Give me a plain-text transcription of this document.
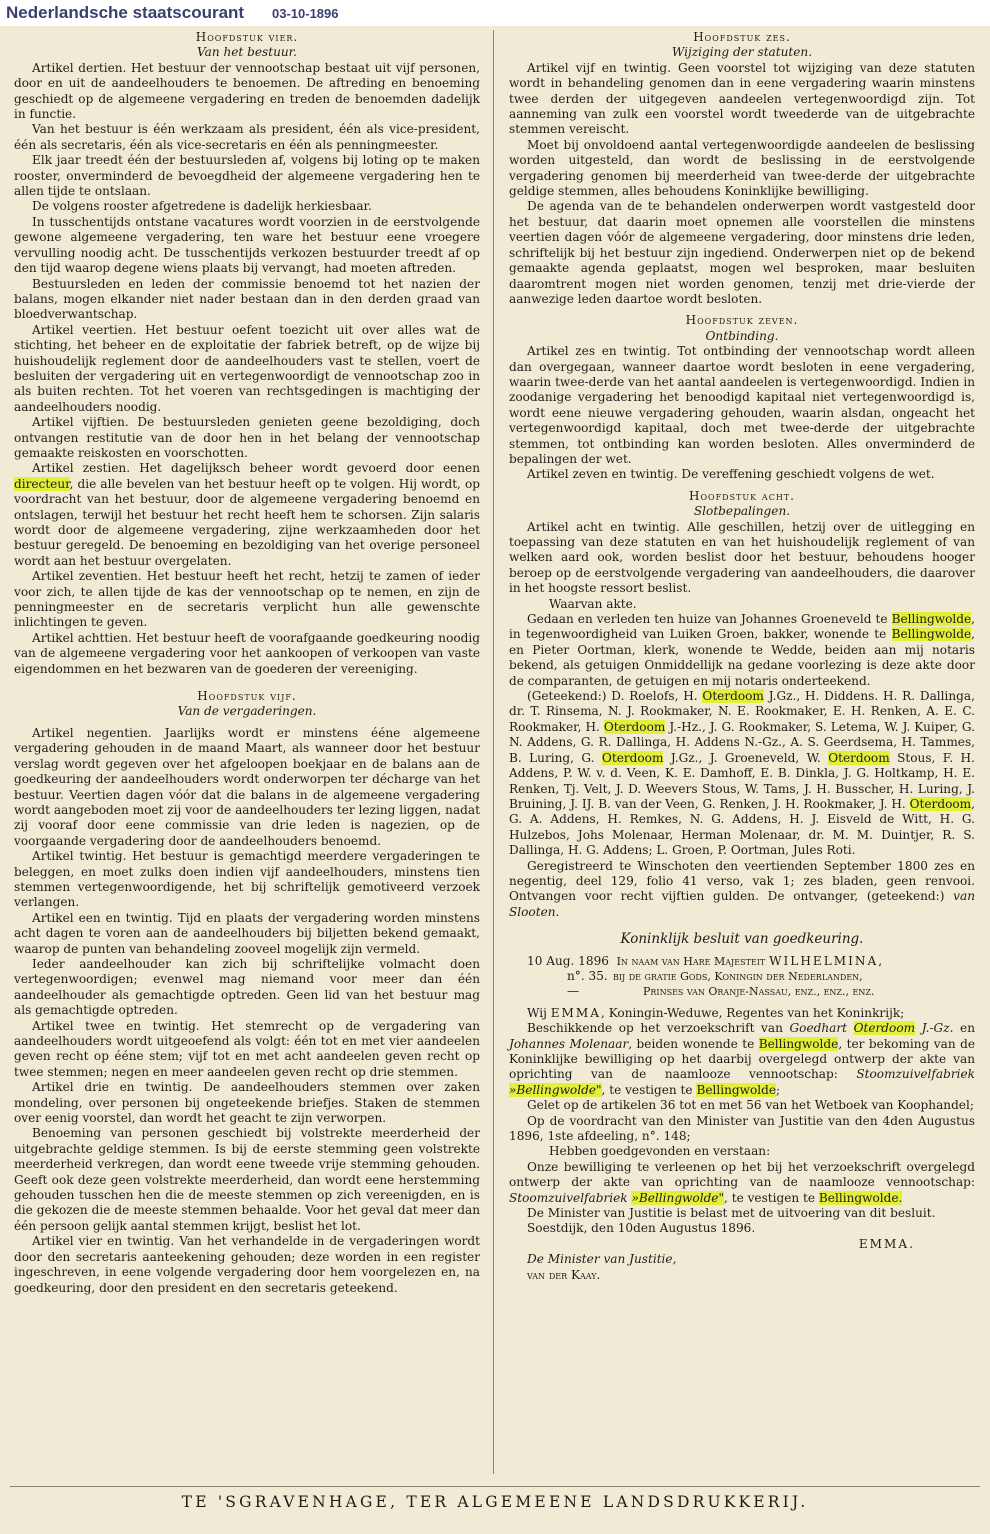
Nederlandsche staatscourant 03-10-1896

Hoofdstuk vier.

Van het bestuur.

Artikel dertien. Het bestuur der vennootschap bestaat uit vijf personen, door en uit de aandeelhouders te benoemen. De aftreding en benoeming geschiedt op de algemeene vergadering en treden de benoemden dadelijk in functie.

Van het bestuur is één werkzaam als president, één als vice-president, één als secretaris, één als vice-secretaris en één als penningmeester.

Elk jaar treedt één der bestuursleden af, volgens bij loting op te maken rooster, onverminderd de bevoegdheid der algemeene vergadering hen te allen tijde te ontslaan.

De volgens rooster afgetredene is dadelijk herkiesbaar.

In tusschentijds ontstane vacatures wordt voorzien in de eerstvolgende gewone algemeene vergadering, ten ware het bestuur eene vroegere vervulling noodig acht. De tusschentijds verkozen bestuurder treedt af op den tijd waarop degene wiens plaats bij vervangt, had moeten aftreden.

Bestuursleden en leden der commissie benoemd tot het nazien der balans, mogen elkander niet nader bestaan dan in den derden graad van bloedverwantschap.

Artikel veertien. Het bestuur oefent toezicht uit over alles wat de stichting, het beheer en de exploitatie der fabriek betreft, op de wijze bij huishoudelijk reglement door de aandeelhouders vast te stellen, voert de besluiten der vergadering uit en vertegenwoordigt de vennootschap zoo in als buiten rechten. Tot het voeren van rechtsgedingen is machtiging der aandeelhouders noodig.

Artikel vijftien. De bestuursleden genieten geene bezoldiging, doch ontvangen restitutie van de door hen in het belang der vennootschap gemaakte reiskosten en voorschotten.

Artikel zestien. Het dagelijksch beheer wordt gevoerd door eenen directeur, die alle bevelen van het bestuur heeft op te volgen. Hij wordt, op voordracht van het bestuur, door de algemeene vergadering benoemd en ontslagen, terwijl het bestuur het recht heeft hem te schorsen. Zijn salaris wordt door de algemeene vergadering, zijne werkzaamheden door het bestuur geregeld. De benoeming en bezoldiging van het overige personeel wordt aan het bestuur overgelaten.

Artikel zeventien. Het bestuur heeft het recht, hetzij te zamen of ieder voor zich, te allen tijde de kas der vennootschap op te nemen, en zijn de penningmeester en de secretaris verplicht hun alle gewenschte inlichtingen te geven.

Artikel achttien. Het bestuur heeft de voorafgaande goedkeuring noodig van de algemeene vergadering voor het aankoopen of verkoopen van vaste eigendommen en het bezwaren van de goederen der vereeniging.

Hoofdstuk vijf.

Van de vergaderingen.

Artikel negentien. Jaarlijks wordt er minstens ééne algemeene vergadering gehouden in de maand Maart, als wanneer door het bestuur verslag wordt gegeven over het afgeloopen boekjaar en de balans aan de goedkeuring der aandeelhouders wordt onderworpen ter décharge van het bestuur. Veertien dagen vóór dat die balans in de algemeene vergadering wordt aangeboden moet zij voor de aandeelhouders ter lezing liggen, nadat zij vooraf door eene commissie van drie leden is nagezien, op de voorgaande vergadering door de aandeelhouders benoemd.

Artikel twintig. Het bestuur is gemachtigd meerdere vergaderingen te beleggen, en moet zulks doen indien vijf aandeelhouders, minstens tien stemmen vertegenwoordigende, het bij schriftelijk gemotiveerd verzoek verlangen.

Artikel een en twintig. Tijd en plaats der vergadering worden minstens acht dagen te voren aan de aandeelhouders bij biljetten bekend gemaakt, waarop de punten van behandeling zooveel mogelijk zijn vermeld.

Ieder aandeelhouder kan zich bij schriftelijke volmacht doen vertegenwoordigen; evenwel mag niemand voor meer dan één aandeelhouder als gemachtigde optreden. Geen lid van het bestuur mag als gemachtigde optreden.

Artikel twee en twintig. Het stemrecht op de vergadering van aandeelhouders wordt uitgeoefend als volgt: één tot en met vier aandeelen geven recht op ééne stem; vijf tot en met acht aandeelen geven recht op twee stemmen; negen en meer aandeelen geven recht op drie stemmen.

Artikel drie en twintig. De aandeelhouders stemmen over zaken mondeling, over personen bij ongeteekende briefjes. Staken de stemmen over eenig voorstel, dan wordt het geacht te zijn verworpen.

Benoeming van personen geschiedt bij volstrekte meerderheid der uitgebrachte geldige stemmen. Is bij de eerste stemming geen volstrekte meerderheid verkregen, dan wordt eene tweede vrije stemming gehouden. Geeft ook deze geen volstrekte meerderheid, dan wordt eene herstemming gehouden tusschen hen die de meeste stemmen op zich vereenigden, en is die gekozen die de meeste stemmen behaalde. Voor het geval dat meer dan één persoon gelijk aantal stemmen krijgt, beslist het lot.

Artikel vier en twintig. Van het verhandelde in de vergaderingen wordt door den secretaris aanteekening gehouden; deze worden in een register ingeschreven, in eene volgende vergadering door hem voorgelezen en, na goedkeuring, door den president en den secretaris geteekend.

Hoofdstuk zes.

Wijziging der statuten.

Artikel vijf en twintig. Geen voorstel tot wijziging van deze statuten wordt in behandeling genomen dan in eene vergadering waarin minstens twee derden der uitgegeven aandeelen vertegenwoordigd zijn. Tot aanneming van zulk een voorstel wordt tweederde van de uitgebrachte stemmen vereischt.

Moet bij onvoldoend aantal vertegenwoordigde aandeelen de beslissing worden uitgesteld, dan wordt de beslissing in de eerstvolgende vergadering genomen bij meerderheid van twee-derde der uitgebrachte geldige stemmen, alles behoudens Koninklijke bewilliging.

De agenda van de te behandelen onderwerpen wordt vastgesteld door het bestuur, dat daarin moet opnemen alle voorstellen die minstens veertien dagen vóór de algemeene vergadering, door minstens drie leden, schriftelijk bij het bestuur zijn ingediend. Onderwerpen niet op de bekend gemaakte agenda geplaatst, mogen wel besproken, maar besluiten daaromtrent mogen niet worden genomen, tenzij met drie-vierde der aanwezige leden daartoe wordt besloten.

Hoofdstuk zeven.

Ontbinding.

Artikel zes en twintig. Tot ontbinding der vennootschap wordt alleen dan overgegaan, wanneer daartoe wordt besloten in eene vergadering, waarin twee-derde van het aantal aandeelen is vertegenwoordigd. Indien in zoodanige vergadering het benoodigd kapitaal niet vertegenwoordigd is, wordt eene nieuwe vergadering gehouden, waarin alsdan, ongeacht het vertegenwoordigd kapitaal, doch met twee-derde der uitgebrachte stemmen, tot ontbinding kan worden besloten. Alles onverminderd de bepalingen der wet.

Artikel zeven en twintig. De vereffening geschiedt volgens de wet.

Hoofdstuk acht.

Slotbepalingen.

Artikel acht en twintig. Alle geschillen, hetzij over de uitlegging en toepassing van deze statuten en van het huishoudelijk reglement of van welken aard ook, worden beslist door het bestuur, behoudens hooger beroep op de eerstvolgende vergadering van aandeelhouders, die daarover in het hoogste ressort beslist.

Waarvan akte.

Gedaan en verleden ten huize van Johannes Groeneveld te Bellingwolde, in tegenwoordigheid van Luiken Groen, bakker, wonende te Bellingwolde, en Pieter Oortman, klerk, wonende te Wedde, beiden aan mij notaris bekend, als getuigen Onmiddellijk na gedane voorlezing is deze akte door de comparanten, de getuigen en mij notaris onderteekend.

(Geteekend:) D. Roelofs, H. Oterdoom J.Gz., H. Diddens. H. R. Dallinga, dr. T. Rinsema, N. J. Rookmaker, N. E. Rookmaker, E. H. Renken, A. E. C. Rookmaker, H. Oterdoom J.-Hz., J. G. Rookmaker, S. Letema, W. J. Kuiper, G. N. Addens, G. R. Dallinga, H. Addens N.-Gz., A. S. Geerdsema, H. Tammes, B. Luring, G. Oterdoom J.Gz., J. Groeneveld, W. Oterdoom Stous, F. H. Addens, P. W. v. d. Veen, K. E. Damhoff, E. B. Dinkla, J. G. Holtkamp, H. E. Renken, Tj. Velt, J. D. Weevers Stous, W. Tams, J. H. Busscher, H. Luring, J. Bruining, J. IJ. B. van der Veen, G. Renken, J. H. Rookmaker, J. H. Oterdoom, G. A. Addens, H. Remkes, N. G. Addens, H. J. Eisveld de Witt, H. G. Hulzebos, Johs Molenaar, Herman Molenaar, dr. M. M. Duintjer, R. S. Dallinga, H. G. Addens; L. Groen, P. Oortman, Jules Roti.

Geregistreerd te Winschoten den veertienden September 1800 zes en negentig, deel 129, folio 41 verso, vak 1; zes bladen, geen renvooi. Ontvangen voor recht vijftien gulden. De ontvanger, (geteekend:) van Slooten.

Koninklijk besluit van goedkeuring.

10 Aug. 1896 In naam van Hare Majesteit WILHELMINA,

n°. 35. bij de gratie Gods, Koningin der Nederlanden,

—	Prinses van Oranje-Nassau, enz., enz., enz.

Wij EMMA, Koningin-Weduwe, Regentes van het Koninkrijk;

Beschikkende op het verzoekschrift van Goedhart Oterdoom J.-Gz. en Johannes Molenaar, beiden wonende te Bellingwolde, ter bekoming van de Koninklijke bewilliging op het daarbij overgelegd ontwerp der akte van oprichting van de naamlooze vennootschap: Stoomzuivelfabriek »Bellingwolde", te vestigen te Bellingwolde;

Gelet op de artikelen 36 tot en met 56 van het Wetboek van Koophandel;

Op de voordracht van den Minister van Justitie van den 4den Augustus 1896, 1ste afdeeling, n°. 148;

Hebben goedgevonden en verstaan:

Onze bewilliging te verleenen op het bij het verzoekschrift overgelegd ontwerp der akte van oprichting van de naamlooze vennootschap: Stoomzuivelfabriek »Bellingwolde", te vestigen te Bellingwolde.

De Minister van Justitie is belast met de uitvoering van dit besluit.

Soestdijk, den 10den Augustus 1896.

EMMA.

De Minister van Justitie,

van der Kaay.

TE 'SGRAVENHAGE, TER ALGEMEENE LANDSDRUKKERIJ.
